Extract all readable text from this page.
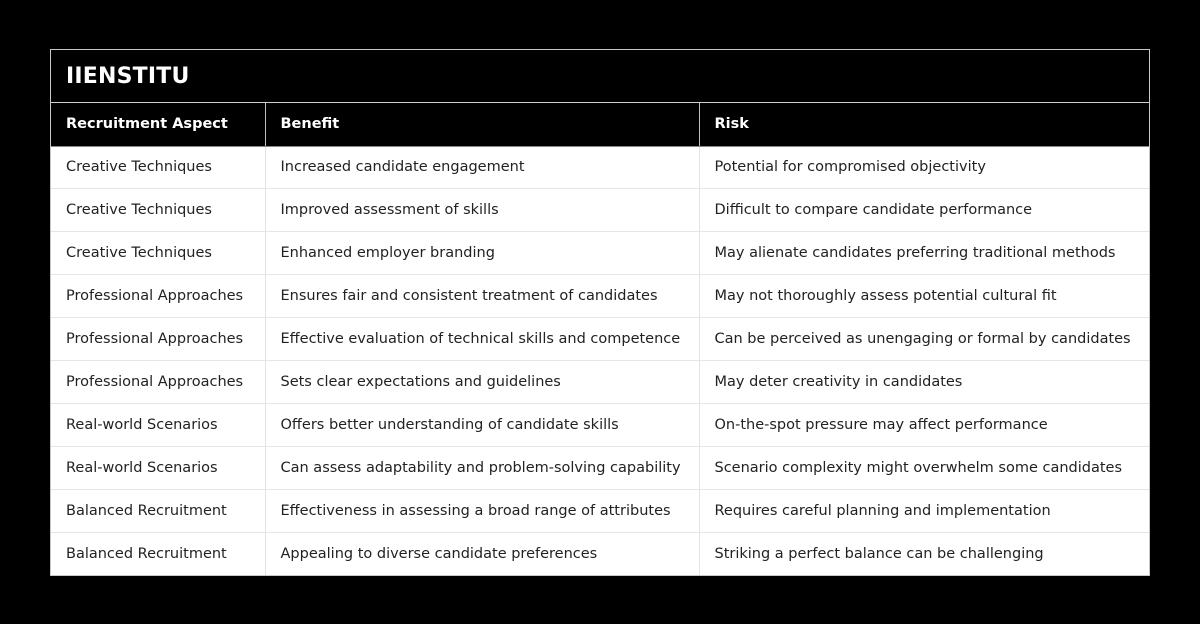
IIENSTITU
Recruitment Aspect	Benefit	Risk
Creative Techniques	Increased candidate engagement	Potential for compromised objectivity
Creative Techniques	Improved assessment of skills	Difficult to compare candidate performance
Creative Techniques	Enhanced employer branding	May alienate candidates preferring traditional methods
Professional Approaches	Ensures fair and consistent treatment of candidates	May not thoroughly assess potential cultural fit
Professional Approaches	Effective evaluation of technical skills and competence	Can be perceived as unengaging or formal by candidates
Professional Approaches	Sets clear expectations and guidelines	May deter creativity in candidates
Real-world Scenarios	Offers better understanding of candidate skills	On-the-spot pressure may affect performance
Real-world Scenarios	Can assess adaptability and problem-solving capability	Scenario complexity might overwhelm some candidates
Balanced Recruitment	Effectiveness in assessing a broad range of attributes	Requires careful planning and implementation
Balanced Recruitment	Appealing to diverse candidate preferences	Striking a perfect balance can be challenging
